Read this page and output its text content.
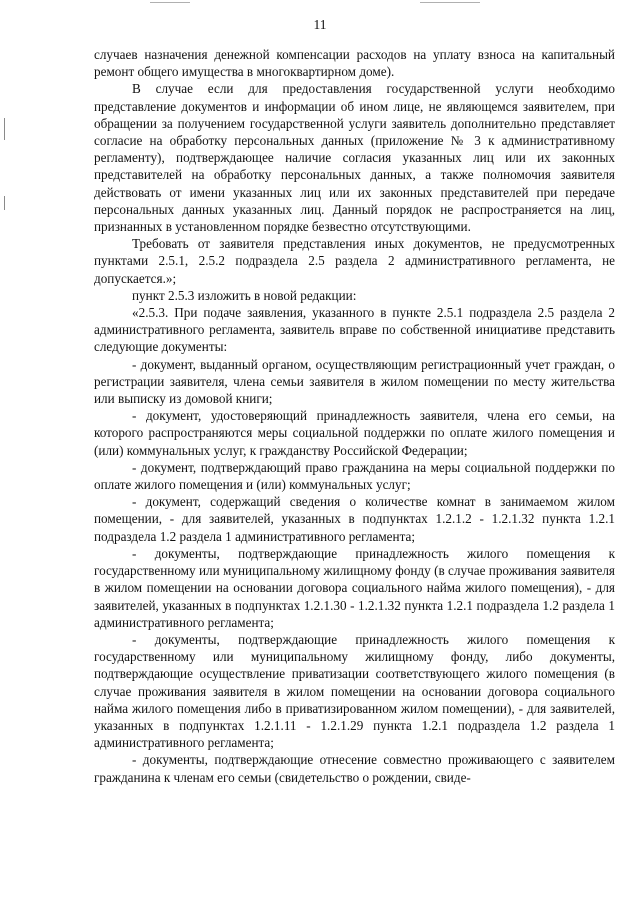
11

случаев назначения денежной компенсации расходов на уплату взноса на капитальный ремонт общего имущества в многоквартирном доме).

В случае если для предоставления государственной услуги необходимо представление документов и информации об ином лице, не являющемся заявителем, при обращении за получением государственной услуги заявитель дополнительно представляет согласие на обработку персональных данных (приложение № 3 к административному регламенту), подтверждающее наличие согласия указанных лиц или их законных представителей на обработку персональных данных, а также полномочия заявителя действовать от имени указанных лиц или их законных представителей при передаче персональных данных указанных лиц. Данный порядок не распространяется на лиц, признанных в установленном порядке безвестно отсутствующими.

Требовать от заявителя представления иных документов, не предусмотренных пунктами 2.5.1, 2.5.2 подраздела 2.5 раздела 2 административного регламента, не допускается.»;

пункт 2.5.3 изложить в новой редакции:

«2.5.3. При подаче заявления, указанного в пункте 2.5.1 подраздела 2.5 раздела 2 административного регламента, заявитель вправе по собственной инициативе представить следующие документы:

- документ, выданный органом, осуществляющим регистрационный учет граждан, о регистрации заявителя, члена семьи заявителя в жилом помещении по месту жительства или выписку из домовой книги;

- документ, удостоверяющий принадлежность заявителя, члена его семьи, на которого распространяются меры социальной поддержки по оплате жилого помещения и (или) коммунальных услуг, к гражданству Российской Федерации;

- документ, подтверждающий право гражданина на меры социальной поддержки по оплате жилого помещения и (или) коммунальных услуг;

- документ, содержащий сведения о количестве комнат в занимаемом жилом помещении, - для заявителей, указанных в подпунктах 1.2.1.2 - 1.2.1.32 пункта 1.2.1 подраздела 1.2 раздела 1 административного регламента;

- документы, подтверждающие принадлежность жилого помещения к государственному или муниципальному жилищному фонду (в случае проживания заявителя в жилом помещении на основании договора социального найма жилого помещения), - для заявителей, указанных в подпунктах 1.2.1.30 - 1.2.1.32 пункта 1.2.1 подраздела 1.2 раздела 1 административного регламента;

- документы, подтверждающие принадлежность жилого помещения к государственному или муниципальному жилищному фонду, либо документы, подтверждающие осуществление приватизации соответствующего жилого помещения (в случае проживания заявителя в жилом помещении на основании договора социального найма жилого помещения либо в приватизированном жилом помещении), - для заявителей, указанных в подпунктах 1.2.1.11 - 1.2.1.29 пункта 1.2.1 подраздела 1.2 раздела 1 административного регламента;

- документы, подтверждающие отнесение совместно проживающего с заявителем гражданина к членам его семьи (свидетельство о рождении, свиде-
